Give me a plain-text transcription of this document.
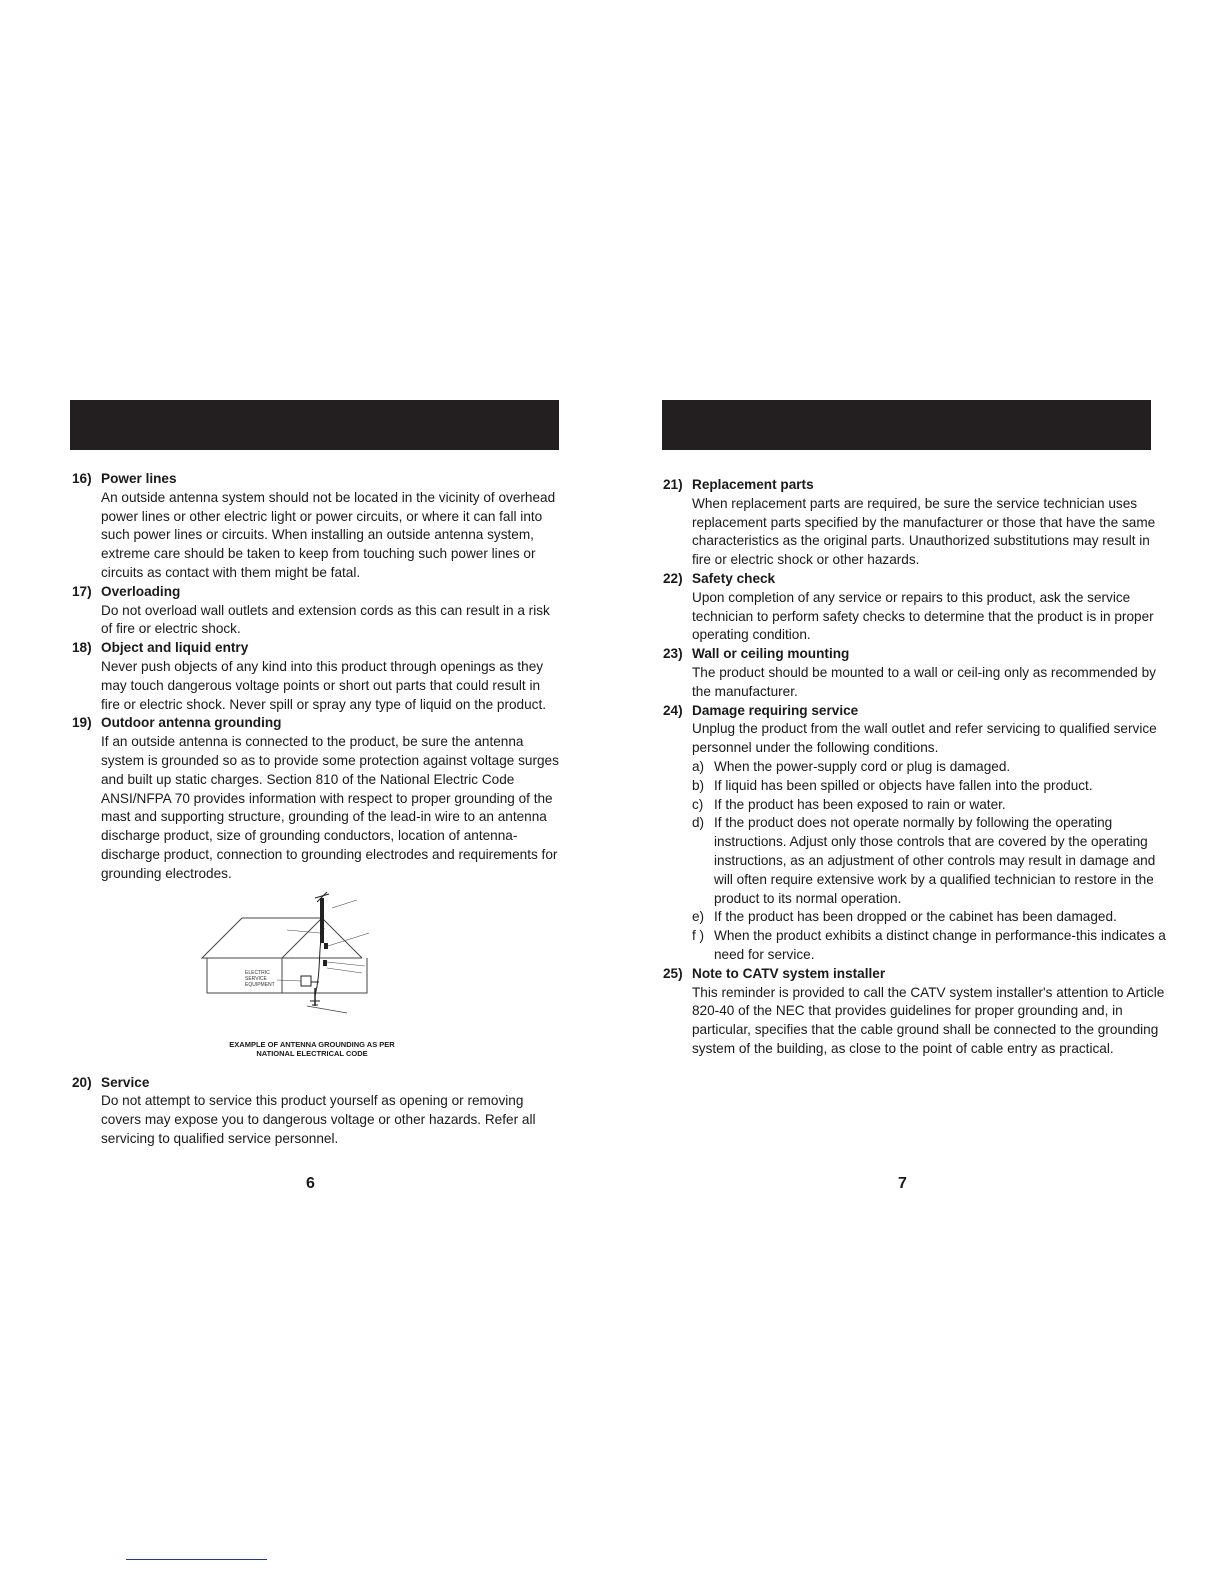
16) Power lines
An outside antenna system should not be located in the vicinity of overhead power lines or other electric light or power circuits, or where it can fall into such power lines or circuits. When installing an outside antenna system, extreme care should be taken to keep from touching such power lines or circuits as contact with them might be fatal.
17) Overloading
Do not overload wall outlets and extension cords as this can result in a risk of fire or electric shock.
18) Object and liquid entry
Never push objects of any kind into this product through openings as they may touch dangerous voltage points or short out parts that could result in fire or electric shock. Never spill or spray any type of liquid on the product.
19) Outdoor antenna grounding
If an outside antenna is connected to the product, be sure the antenna system is grounded so as to provide some protection against voltage surges and built up static charges. Section 810 of the National Electric Code ANSI/NFPA 70 provides information with respect to proper grounding of the mast and supporting structure, grounding of the lead-in wire to an antenna discharge product, size of grounding conductors, location of antenna-discharge product, connection to grounding electrodes and requirements for grounding electrodes.
ELECTRIC
SERVICE
EQUIPMENT
EXAMPLE OF ANTENNA GROUNDING AS PER
NATIONAL ELECTRICAL CODE
20) Service
Do not attempt to service this product yourself as opening or removing covers may expose you to dangerous voltage or other hazards. Refer all servicing to qualified service personnel.
6
21) Replacement parts
When replacement parts are required, be sure the service technician uses replacement parts specified by the manufacturer or those that have the same characteristics as the original parts. Unauthorized substitutions may result in fire or electric shock or other hazards.
22) Safety check
Upon completion of any service or repairs to this product, ask the service technician to perform safety checks to determine that the product is in proper operating condition.
23) Wall or ceiling mounting
The product should be mounted to a wall or ceil-ing only as recommended by the manufacturer.
24) Damage requiring service
Unplug the product from the wall outlet and refer servicing to qualified service personnel under the following conditions.
a) When the power-supply cord or plug is damaged.
b) If liquid has been spilled or objects have fallen into the product.
c) If the product has been exposed to rain or water.
d) If the product does not operate normally by following the operating instructions. Adjust only those controls that are covered by the operating instructions, as an adjustment of other controls may result in damage and will often require extensive work by a qualified technician to restore in the product to its normal operation.
e) If the product has been dropped or the cabinet has been damaged.
f ) When the product exhibits a distinct change in performance-this indicates a need for service.
25) Note to CATV system installer
This reminder is provided to call the CATV system installer's attention to Article 820-40 of the NEC that provides guidelines for proper grounding and, in particular, specifies that the cable ground shall be connected to the grounding system of the building, as close to the point of cable entry as practical.
7
